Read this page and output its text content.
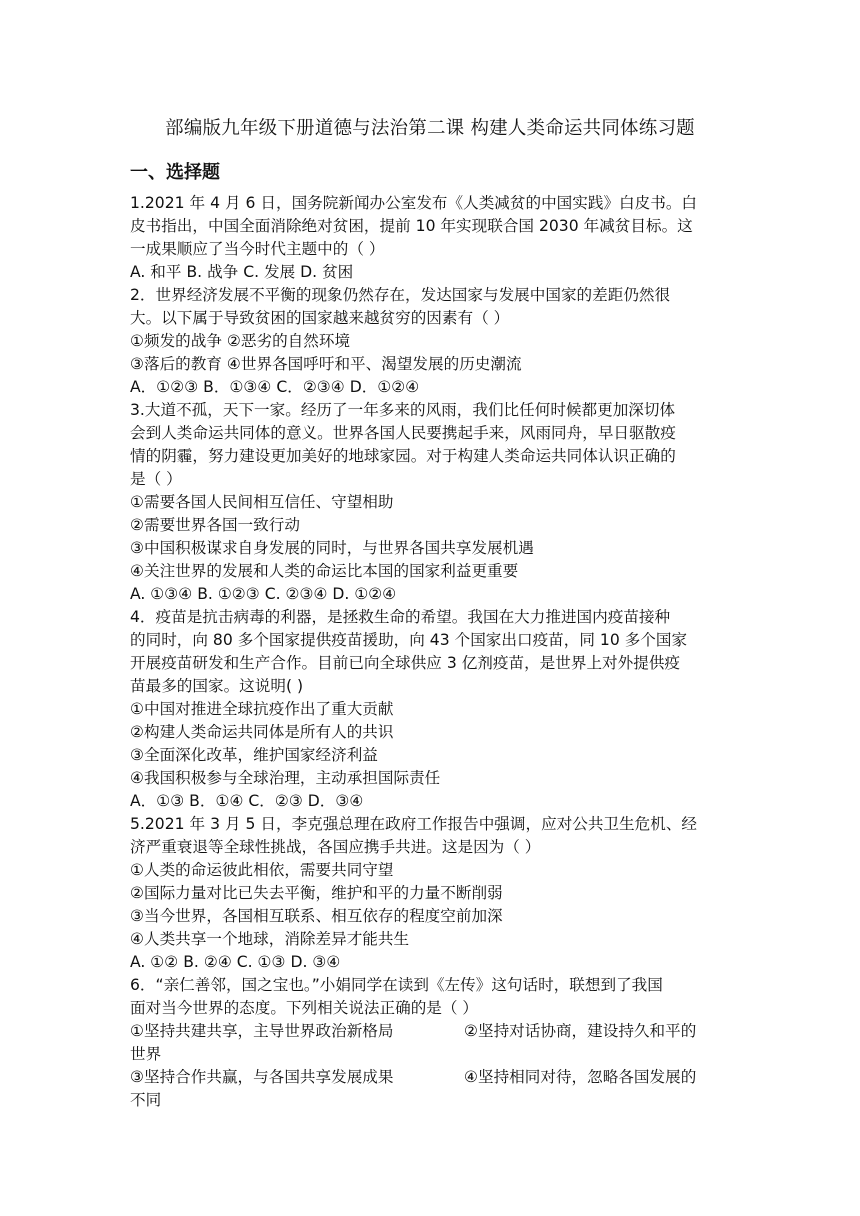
部编版九年级下册道德与法治第二课 构建人类命运共同体练习题
一、选择题
1.2021 年 4 月 6 日，国务院新闻办公室发布《人类减贫的中国实践》白皮书。白
皮书指出，中国全面消除绝对贫困，提前 10 年实现联合国 2030 年减贫目标。这
一成果顺应了当今时代主题中的（ ）
A. 和平 B. 战争 C. 发展 D. 贫困
2．世界经济发展不平衡的现象仍然存在，发达国家与发展中国家的差距仍然很
大。以下属于导致贫困的国家越来越贫穷的因素有（ ）
①频发的战争 ②恶劣的自然环境
③落后的教育 ④世界各国呼吁和平、渴望发展的历史潮流
A．①②③ B．①③④ C．②③④ D．①②④
3.大道不孤，天下一家。经历了一年多来的风雨，我们比任何时候都更加深切体
会到人类命运共同体的意义。世界各国人民要携起手来，风雨同舟，早日驱散疫
情的阴霾，努力建设更加美好的地球家园。对于构建人类命运共同体认识正确的
是（ ）
①需要各国人民间相互信任、守望相助
②需要世界各国一致行动
③中国积极谋求自身发展的同时，与世界各国共享发展机遇
④关注世界的发展和人类的命运比本国的国家利益更重要
A. ①③④ B. ①②③ C. ②③④ D. ①②④
4．疫苗是抗击病毒的利器，是拯救生命的希望。我国在大力推进国内疫苗接种
的同时，向 80 多个国家提供疫苗援助，向 43 个国家出口疫苗，同 10 多个国家
开展疫苗研发和生产合作。目前已向全球供应 3 亿剂疫苗，是世界上对外提供疫
苗最多的国家。这说明( )
①中国对推进全球抗疫作出了重大贡献
②构建人类命运共同体是所有人的共识
③全面深化改革，维护国家经济利益
④我国积极参与全球治理，主动承担国际责任
A．①③ B．①④ C．②③ D．③④
5.2021 年 3 月 5 日，李克强总理在政府工作报告中强调，应对公共卫生危机、经
济严重衰退等全球性挑战，各国应携手共进。这是因为（ ）
①人类的命运彼此相依，需要共同守望
②国际力量对比已失去平衡，维护和平的力量不断削弱
③当今世界，各国相互联系、相互依存的程度空前加深
④人类共享一个地球，消除差异才能共生
A. ①② B. ②④ C. ①③ D. ③④
6．“亲仁善邻，国之宝也。”小娟同学在读到《左传》这句话时，联想到了我国
面对当今世界的态度。下列相关说法正确的是（ ）
①坚持共建共享，主导世界政治新格局	②坚持对话协商，建设持久和平的
世界
③坚持合作共赢，与各国共享发展成果	④坚持相同对待，忽略各国发展的
不同
